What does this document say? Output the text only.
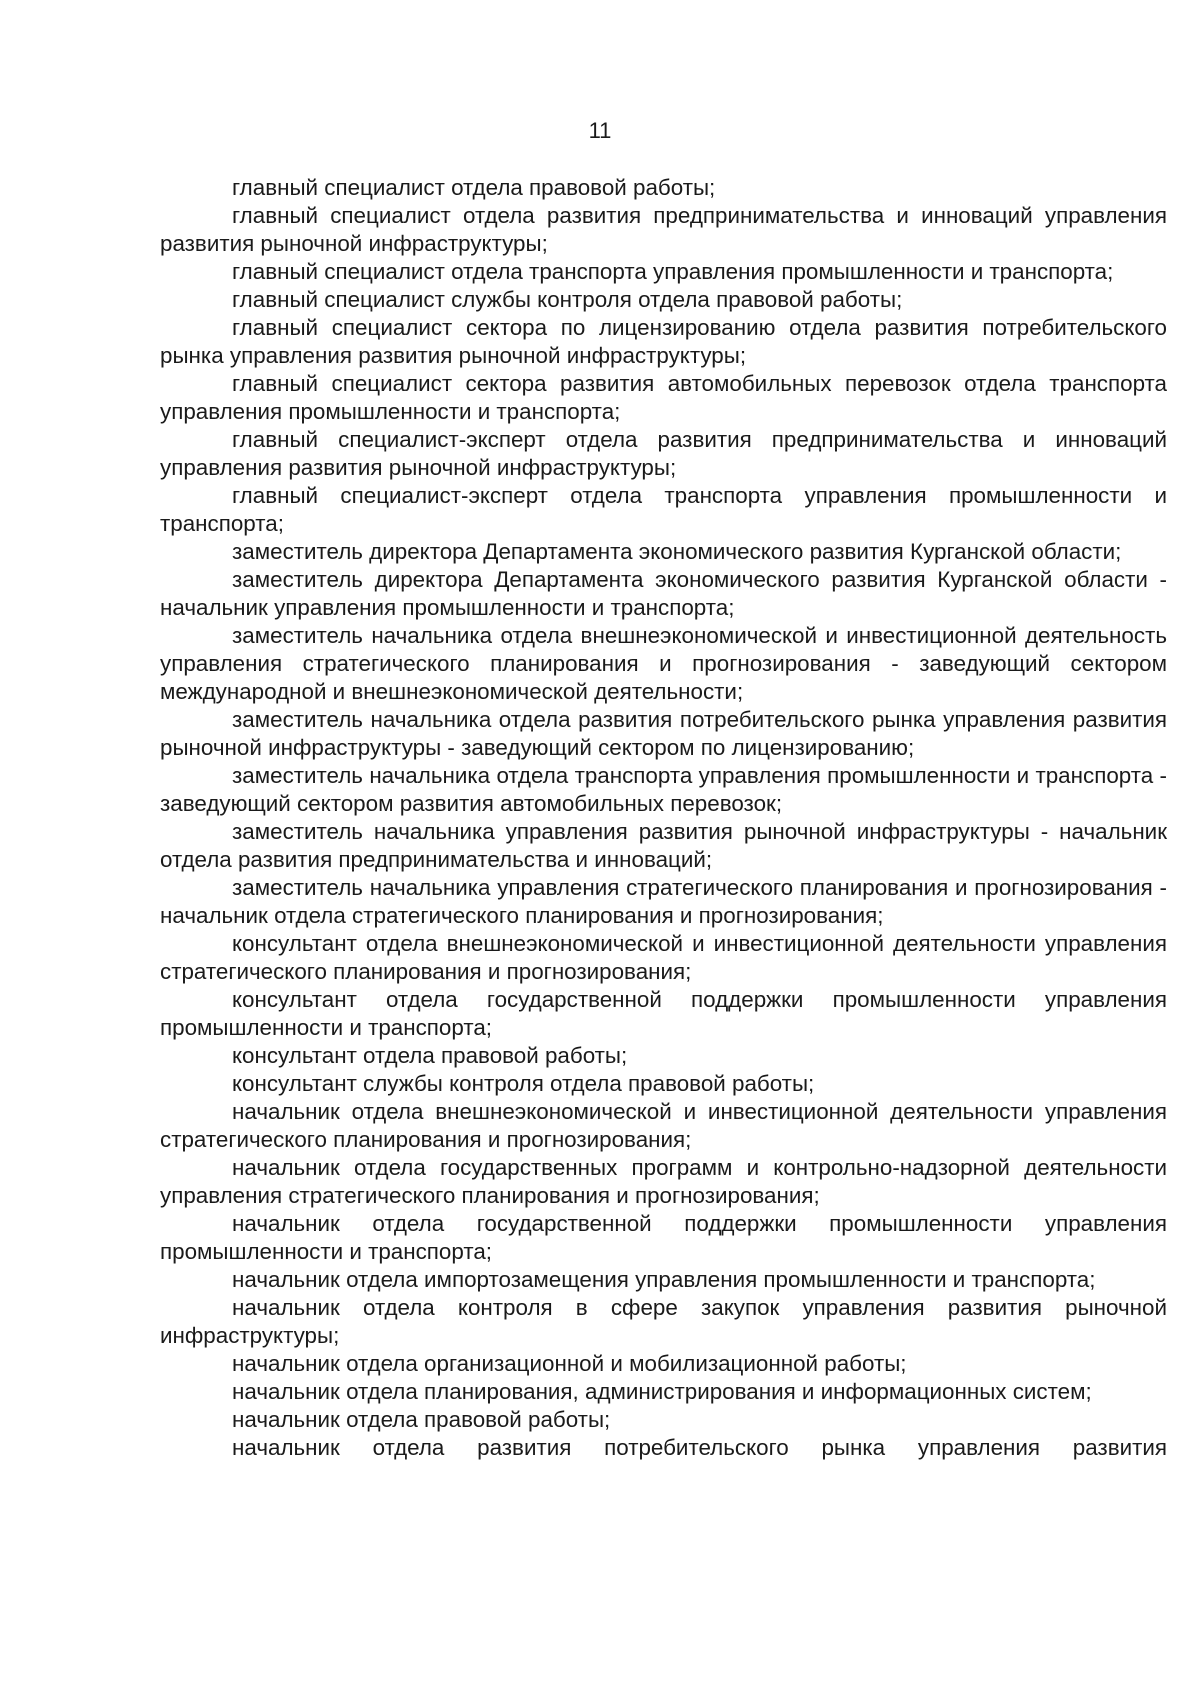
11

главный специалист отдела правовой работы;

главный специалист отдела развития предпринимательства и инноваций управления развития рыночной инфраструктуры;

главный специалист отдела транспорта управления промышленности и транспорта;

главный специалист службы контроля отдела правовой работы;

главный специалист сектора по лицензированию отдела развития потребительского рынка управления развития рыночной инфраструктуры;

главный специалист сектора развития автомобильных перевозок отдела транспорта управления промышленности и транспорта;

главный специалист-эксперт отдела развития предпринимательства и инноваций управления развития рыночной инфраструктуры;

главный специалист-эксперт отдела транспорта управления промышленности и транспорта;

заместитель директора Департамента экономического развития Курганской области;

заместитель директора Департамента экономического развития Курганской области - начальник управления промышленности и транспорта;

заместитель начальника отдела внешнеэкономической и инвестиционной деятельность управления стратегического планирования и прогнозирования - заведующий сектором международной и внешнеэкономической деятельности;

заместитель начальника отдела развития потребительского рынка управления развития рыночной инфраструктуры - заведующий сектором по лицензированию;

заместитель начальника отдела транспорта управления промышленности и транспорта - заведующий сектором развития автомобильных перевозок;

заместитель начальника управления развития рыночной инфраструктуры - начальник отдела развития предпринимательства и инноваций;

заместитель начальника управления стратегического планирования и прогнозирования - начальник отдела стратегического планирования и прогнозирования;

консультант отдела внешнеэкономической и инвестиционной деятельности управления стратегического планирования и прогнозирования;

консультант отдела государственной поддержки промышленности управления промышленности и транспорта;

консультант отдела правовой работы;

консультант службы контроля отдела правовой работы;

начальник отдела внешнеэкономической и инвестиционной деятельности управления стратегического планирования и прогнозирования;

начальник отдела государственных программ и контрольно-надзорной деятельности управления стратегического планирования и прогнозирования;

начальник отдела государственной поддержки промышленности управления промышленности и транспорта;

начальник отдела импортозамещения управления промышленности и транспорта;

начальник отдела контроля в сфере закупок управления развития рыночной инфраструктуры;

начальник отдела организационной и мобилизационной работы;

начальник отдела планирования, администрирования и информационных систем;

начальник отдела правовой работы;

начальник отдела развития потребительского рынка управления развития
